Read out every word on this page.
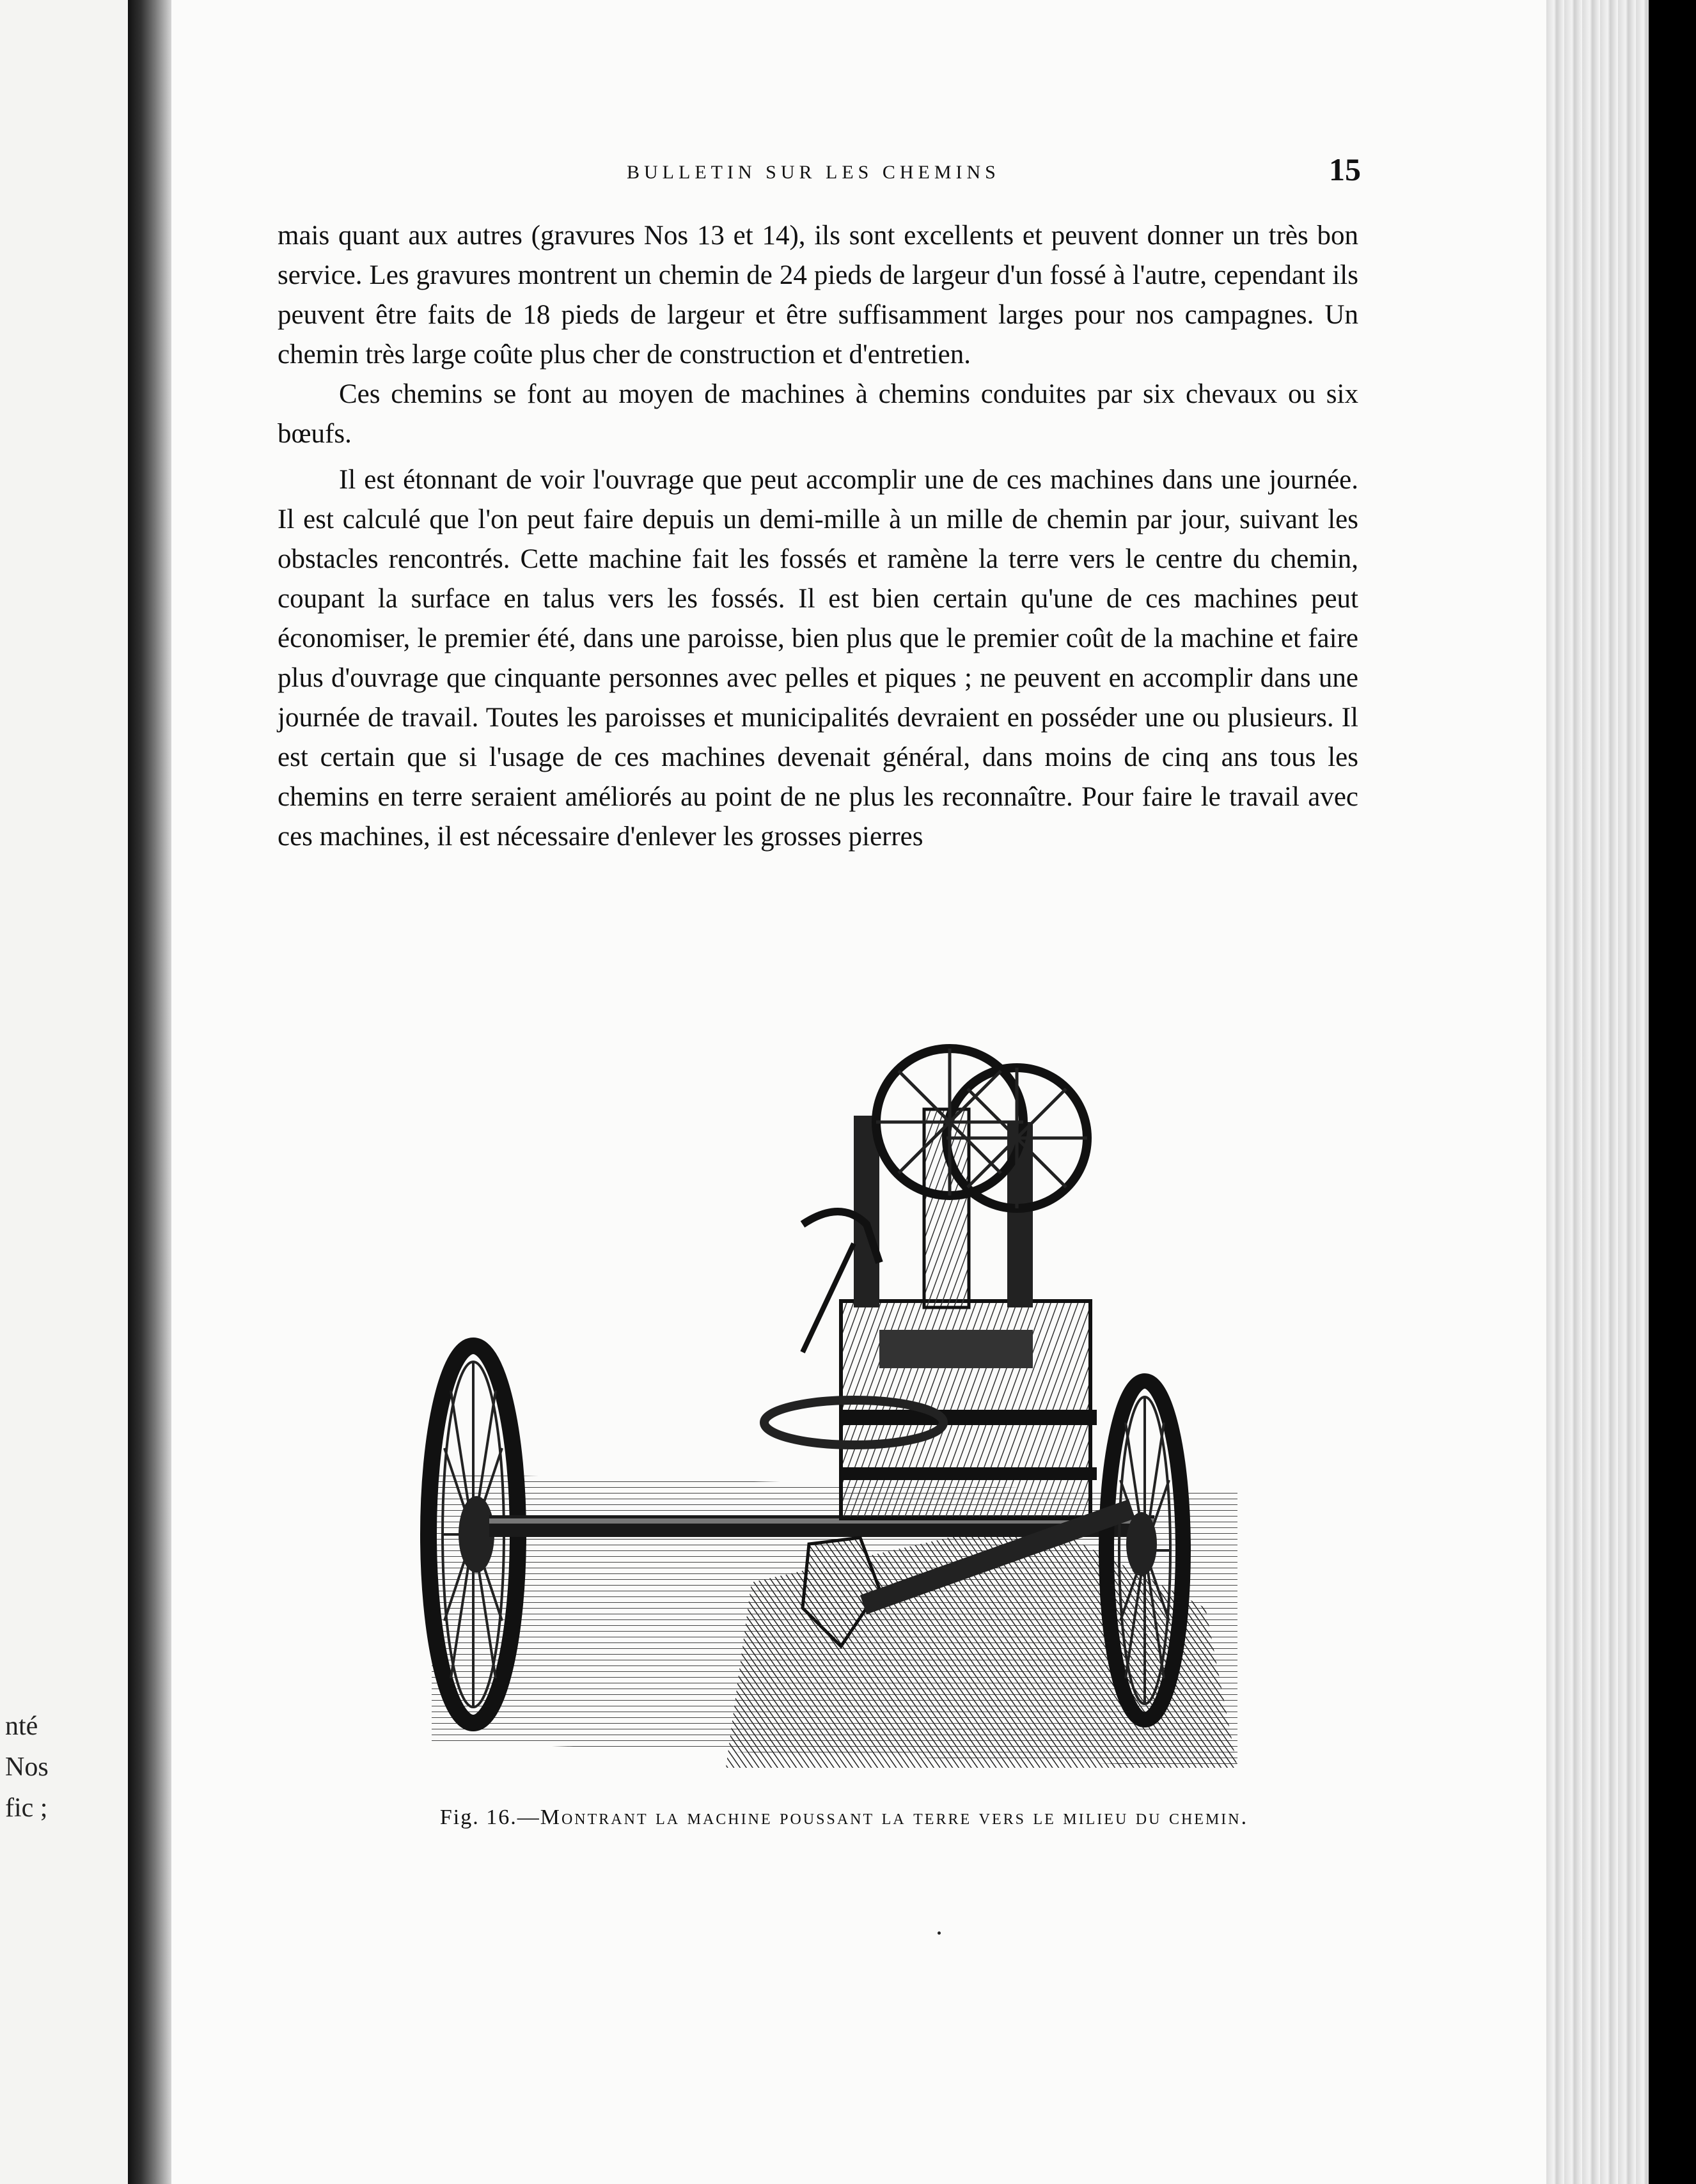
nté
Nos
fic ;
BULLETIN SUR LES CHEMINS	15

mais quant aux autres (gravures Nos 13 et 14), ils sont excellents et peuvent donner un très bon service. Les gravures montrent un chemin de 24 pieds de largeur d'un fossé à l'autre, cependant ils peuvent être faits de 18 pieds de largeur et être suffisamment larges pour nos campagnes. Un chemin très large coûte plus cher de construction et d'entretien.

Ces chemins se font au moyen de machines à chemins conduites par six chevaux ou six bœufs.

Il est étonnant de voir l'ouvrage que peut accomplir une de ces machines dans une journée. Il est calculé que l'on peut faire depuis un demi-mille à un mille de chemin par jour, suivant les obstacles rencontrés. Cette machine fait les fossés et ramène la terre vers le centre du chemin, coupant la surface en talus vers les fossés. Il est bien certain qu'une de ces machines peut économiser, le premier été, dans une paroisse, bien plus que le premier coût de la machine et faire plus d'ouvrage que cinquante personnes avec pelles et piques ; ne peuvent en accomplir dans une journée de travail. Toutes les paroisses et municipalités devraient en posséder une ou plusieurs. Il est certain que si l'usage de ces machines devenait général, dans moins de cinq ans tous les chemins en terre seraient améliorés au point de ne plus les reconnaître. Pour faire le travail avec ces machines, il est nécessaire d'enlever les grosses pierres

Fig. 16.—Montrant la machine poussant la terre vers le milieu du chemin.
